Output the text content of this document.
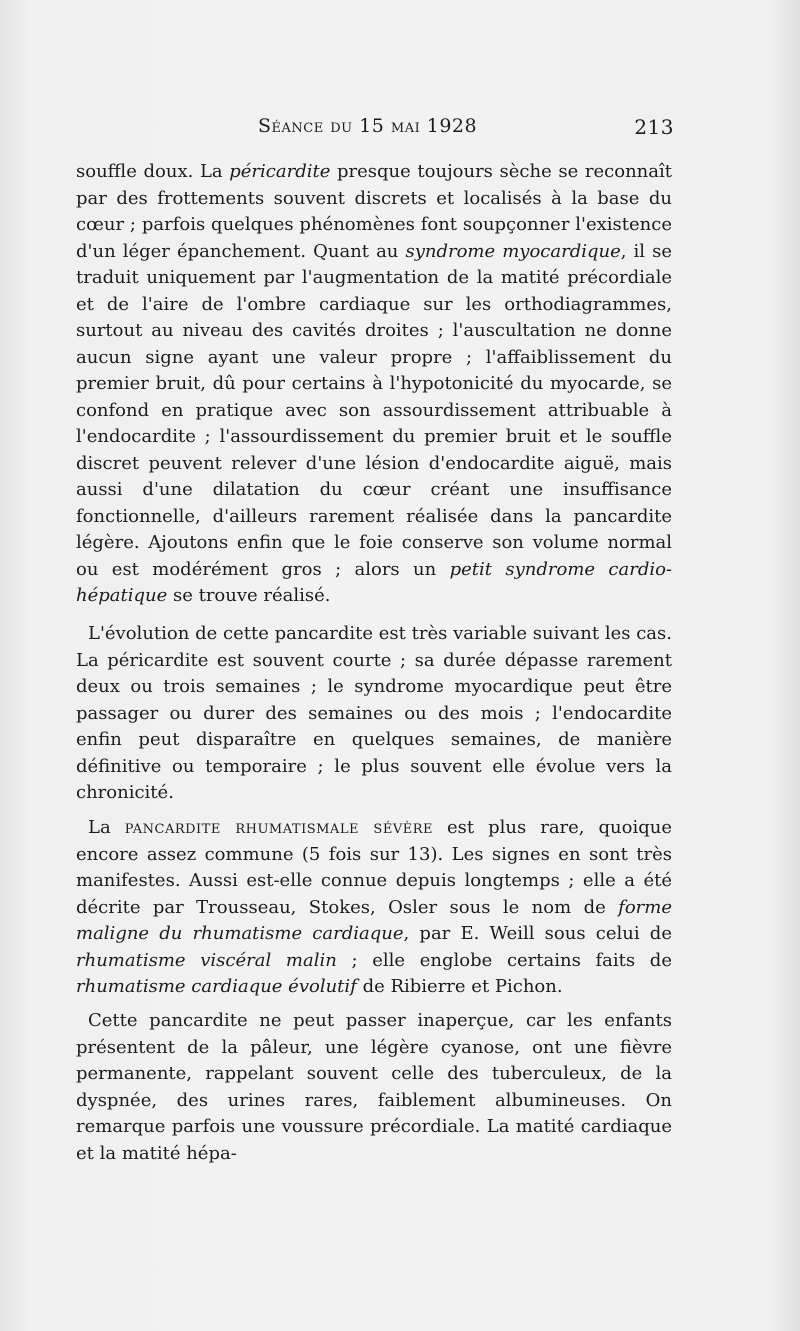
Séance du 15 mai 1928	213

souffle doux. La péricardite presque toujours sèche se reconnaît par des frottements souvent discrets et localisés à la base du cœur ; parfois quelques phénomènes font soupçonner l'existence d'un léger épanchement. Quant au syndrome myocardique, il se traduit uniquement par l'augmentation de la matité précordiale et de l'aire de l'ombre cardiaque sur les orthodiagrammes, surtout au niveau des cavités droites ; l'auscultation ne donne aucun signe ayant une valeur propre ; l'affaiblissement du premier bruit, dû pour certains à l'hypotonicité du myocarde, se confond en pratique avec son assourdissement attribuable à l'endocardite ; l'assourdissement du premier bruit et le souffle discret peuvent relever d'une lésion d'endocardite aiguë, mais aussi d'une dilatation du cœur créant une insuffisance fonctionnelle, d'ailleurs rarement réalisée dans la pancardite légère. Ajoutons enfin que le foie conserve son volume normal ou est modérément gros ; alors un petit syndrome cardio-hépatique se trouve réalisé.

L'évolution de cette pancardite est très variable suivant les cas. La péricardite est souvent courte ; sa durée dépasse rarement deux ou trois semaines ; le syndrome myocardique peut être passager ou durer des semaines ou des mois ; l'endocardite enfin peut disparaître en quelques semaines, de manière définitive ou temporaire ; le plus souvent elle évolue vers la chronicité.

La pancardite rhumatismale sévère est plus rare, quoique encore assez commune (5 fois sur 13). Les signes en sont très manifestes. Aussi est-elle connue depuis longtemps ; elle a été décrite par Trousseau, Stokes, Osler sous le nom de forme maligne du rhumatisme cardiaque, par E. Weill sous celui de rhumatisme viscéral malin ; elle englobe certains faits de rhumatisme cardiaque évolutif de Ribierre et Pichon.

Cette pancardite ne peut passer inaperçue, car les enfants présentent de la pâleur, une légère cyanose, ont une fièvre permanente, rappelant souvent celle des tuberculeux, de la dyspnée, des urines rares, faiblement albumineuses. On remarque parfois une voussure précordiale. La matité cardiaque et la matité hépa-
